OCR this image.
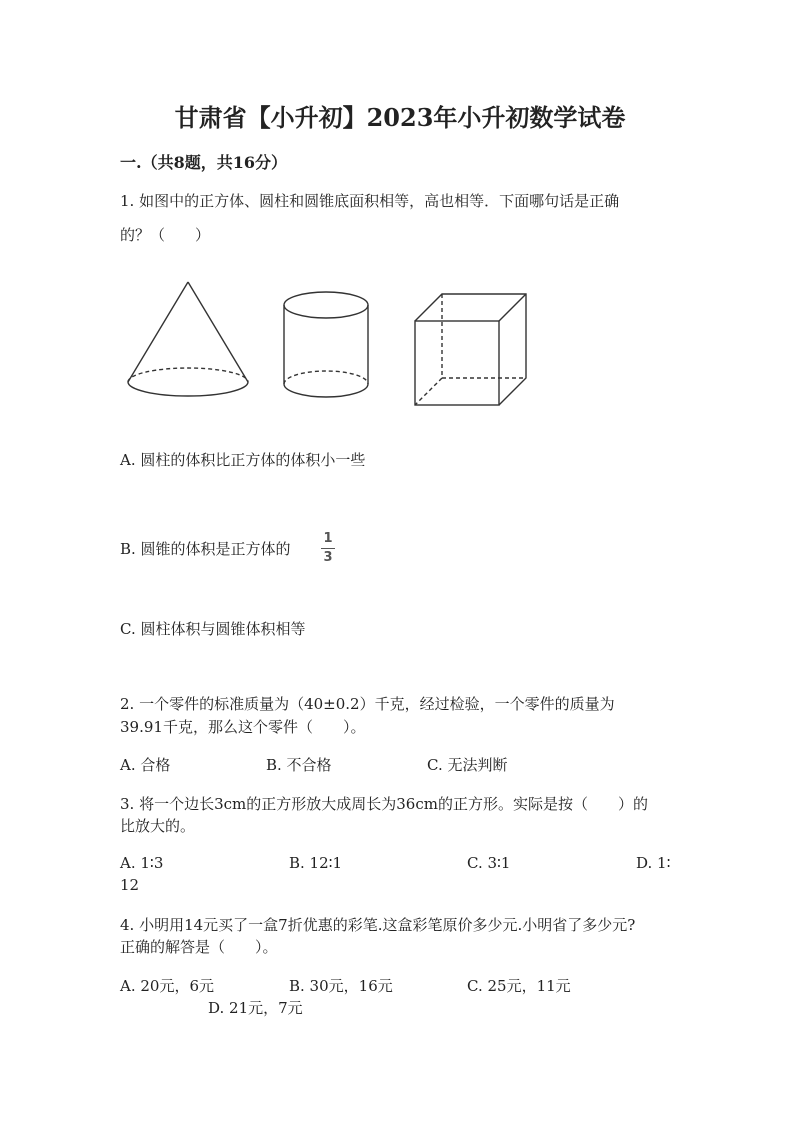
甘肃省【小升初】2023年小升初数学试卷
一.（共8题，共16分）
1. 如图中的正方体、圆柱和圆锥底面积相等，高也相等．下面哪句话是正确
的？（　　）
A. 圆柱的体积比正方体的体积小一些
B. 圆锥的体积是正方体的
1
3
C. 圆柱体积与圆锥体积相等
2. 一个零件的标准质量为（40±0.2）千克，经过检验，一个零件的质量为
39.91千克，那么这个零件（　　）。
A. 合格	B. 不合格	C. 无法判断
3. 将一个边长3cm的正方形放大成周长为36cm的正方形。实际是按（　　）的
比放大的。
A. 1∶3	B. 12∶1	C. 3∶1	D. 1∶
12
4. 小明用14元买了一盒7折优惠的彩笔.这盒彩笔原价多少元.小明省了多少元?
正确的解答是（　　）。
A. 20元，6元	B. 30元，16元	C. 25元，11元
D. 21元，7元
